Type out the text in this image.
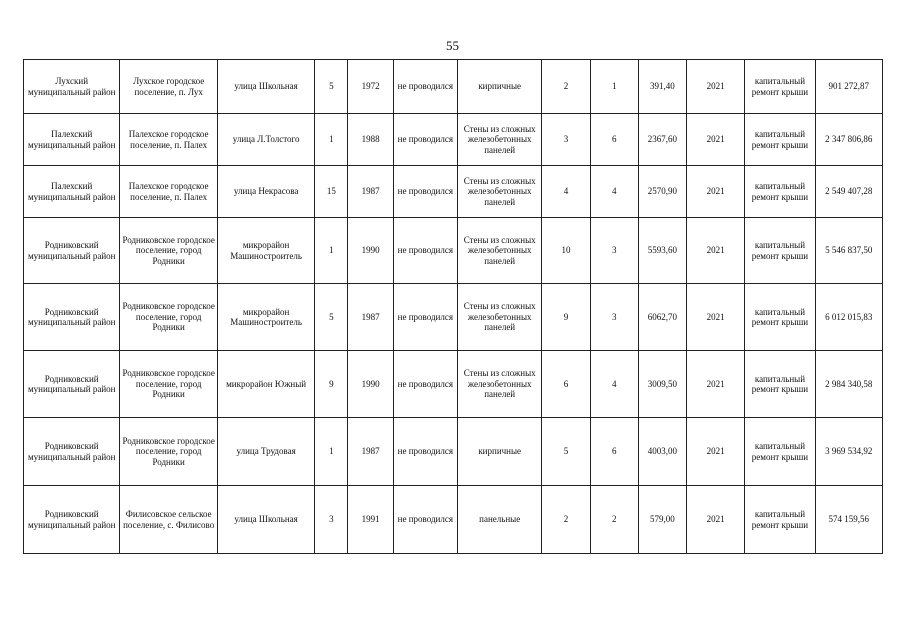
55
Лухский муниципальный район	Лухское городское поселение, п. Лух	улица Школьная	5	1972	не проводился	кирпичные	2	1	391,40	2021	капитальный ремонт крыши	901 272,87
Палехский муниципальный район	Палехское городское поселение, п. Палех	улица Л.Толстого	1	1988	не проводился	Стены из сложных железобетонных панелей	3	6	2367,60	2021	капитальный ремонт крыши	2 347 806,86
Палехский муниципальный район	Палехское городское поселение, п. Палех	улица Некрасова	15	1987	не проводился	Стены из сложных железобетонных панелей	4	4	2570,90	2021	капитальный ремонт крыши	2 549 407,28
Родниковский муниципальный район	Родниковское городское поселение, город Родники	микрорайон Машиностроитель	1	1990	не проводился	Стены из сложных железобетонных панелей	10	3	5593,60	2021	капитальный ремонт крыши	5 546 837,50
Родниковский муниципальный район	Родниковское городское поселение, город Родники	микрорайон Машиностроитель	5	1987	не проводился	Стены из сложных железобетонных панелей	9	3	6062,70	2021	капитальный ремонт крыши	6 012 015,83
Родниковский муниципальный район	Родниковское городское поселение, город Родники	микрорайон Южный	9	1990	не проводился	Стены из сложных железобетонных панелей	6	4	3009,50	2021	капитальный ремонт крыши	2 984 340,58
Родниковский муниципальный район	Родниковское городское поселение, город Родники	улица Трудовая	1	1987	не проводился	кирпичные	5	6	4003,00	2021	капитальный ремонт крыши	3 969 534,92
Родниковский муниципальный район	Филисовское сельское поселение, с. Филисово	улица Школьная	3	1991	не проводился	панельные	2	2	579,00	2021	капитальный ремонт крыши	574 159,56
